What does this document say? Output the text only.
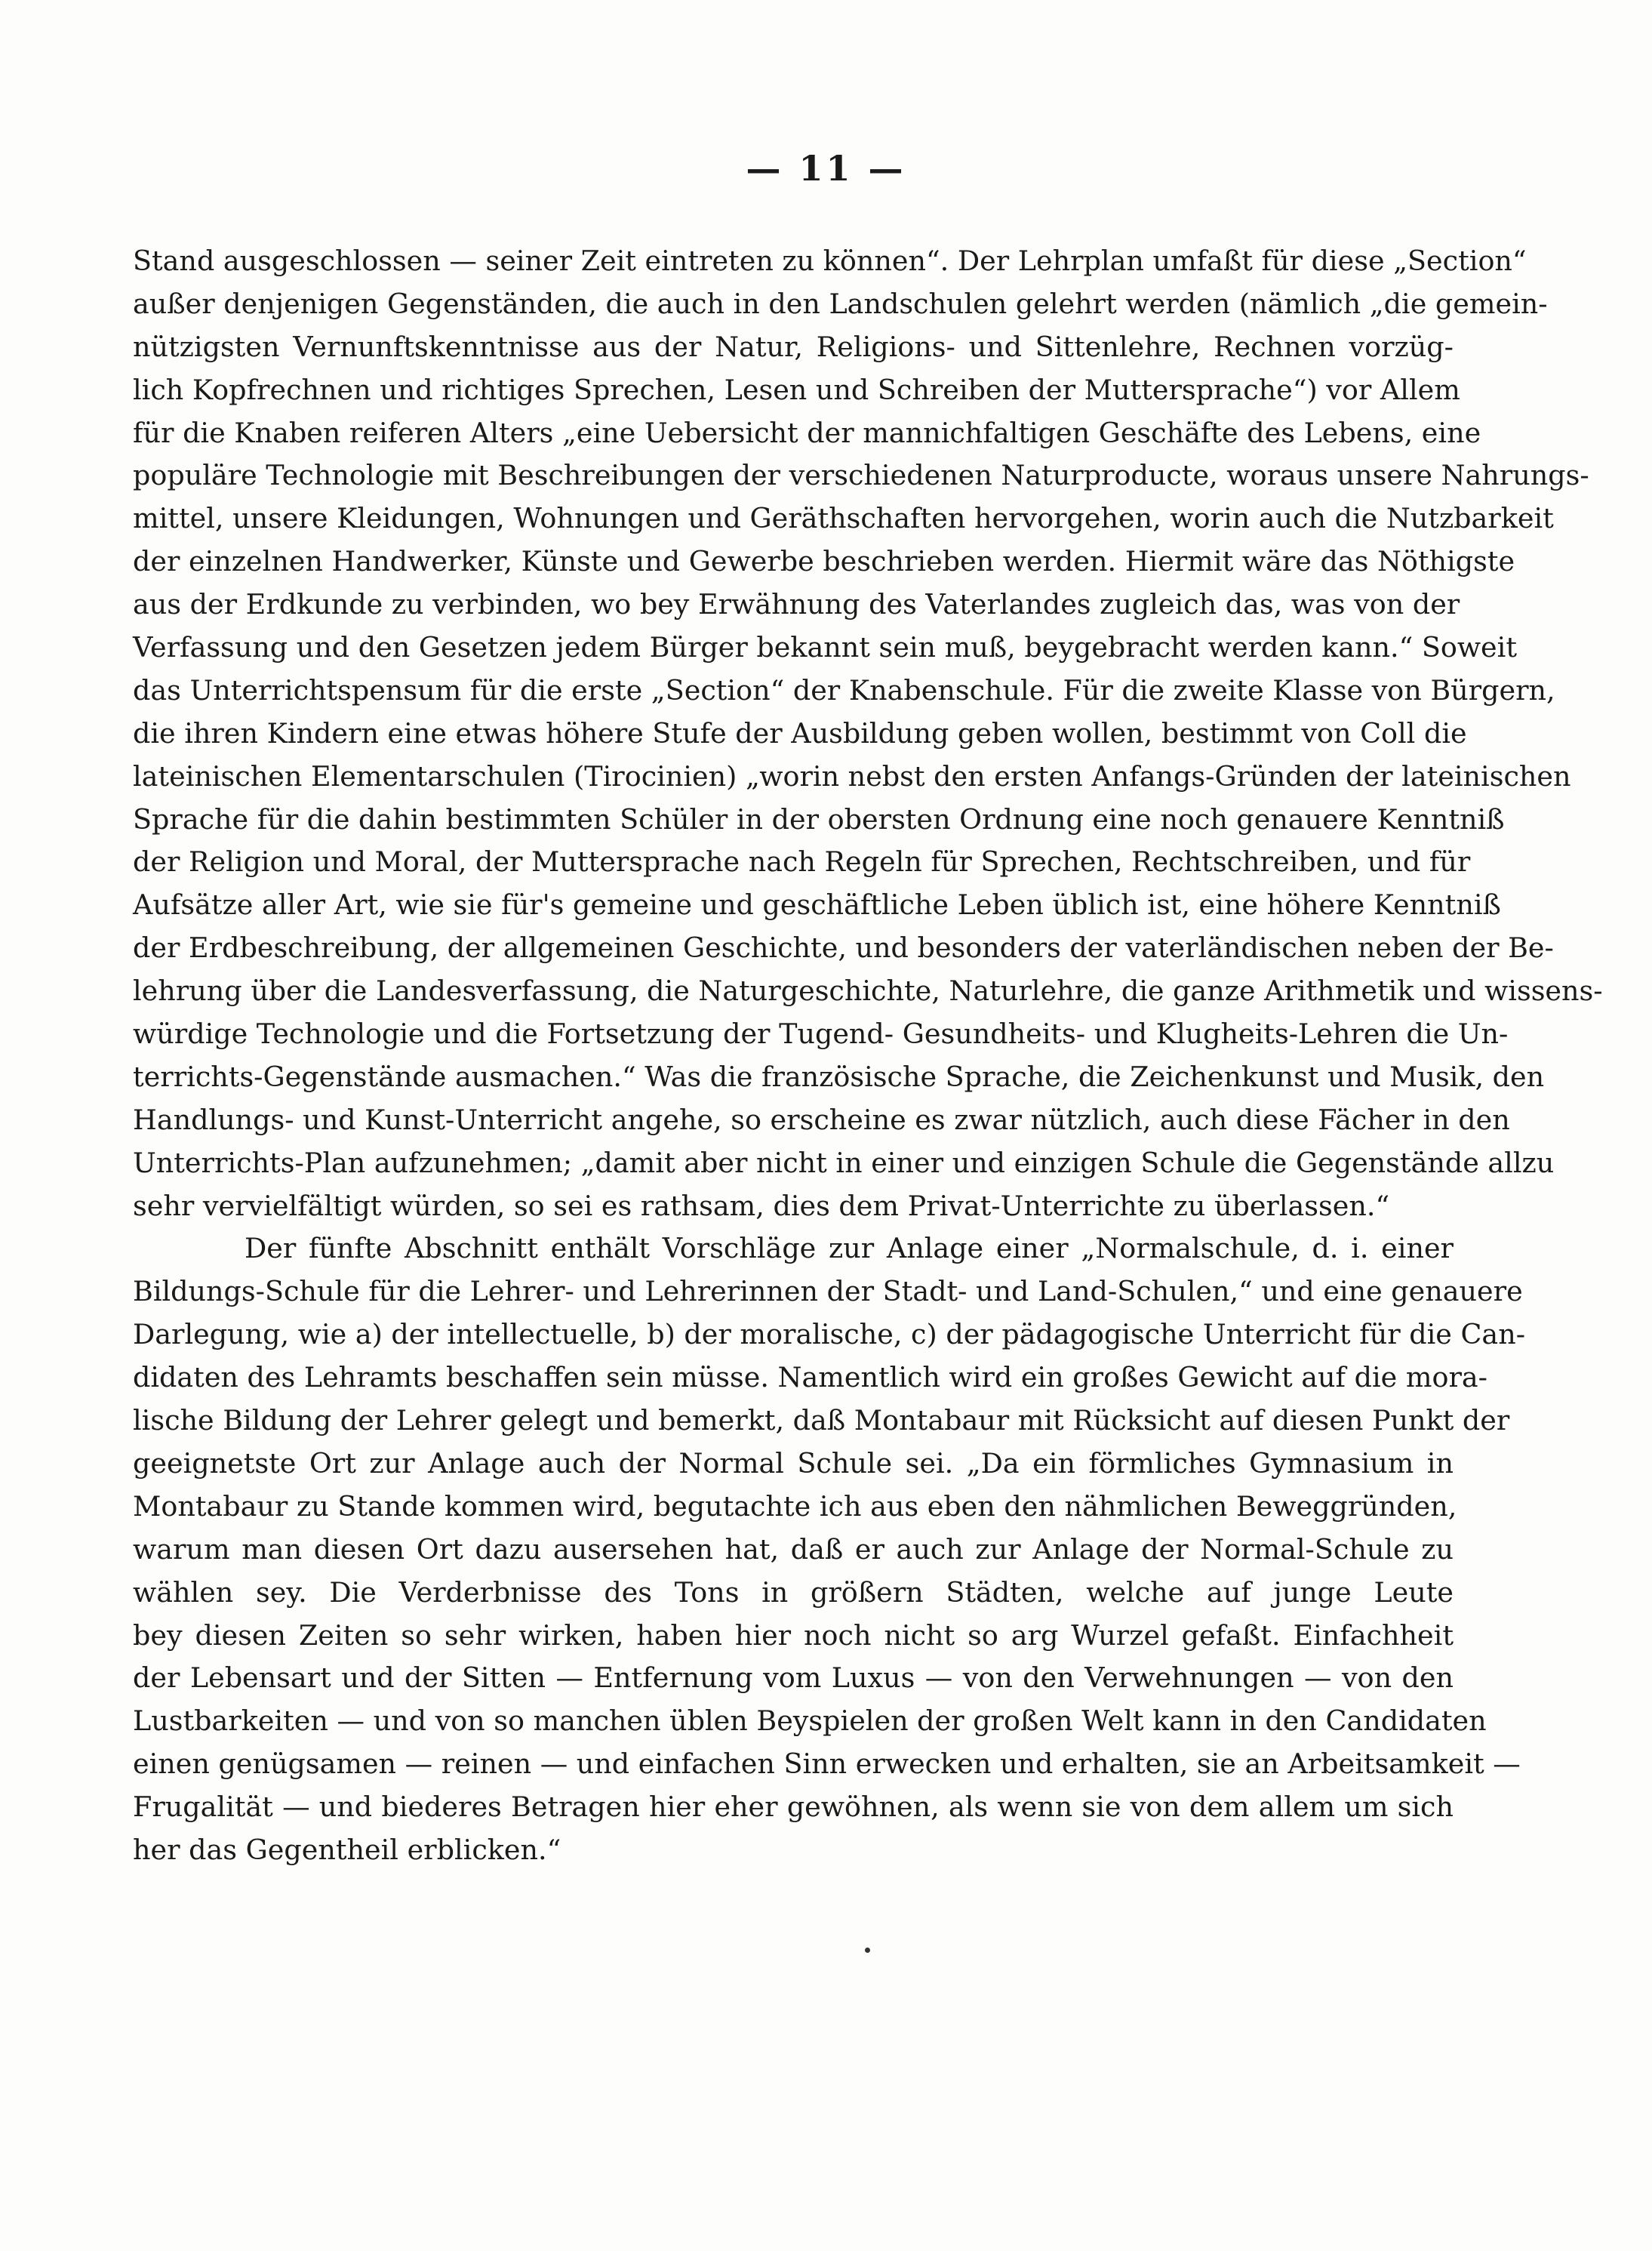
— 11 —
Stand ausgeschlossen — seiner Zeit eintreten zu können“. Der Lehrplan umfaßt für diese „Section“
außer denjenigen Gegenständen, die auch in den Landschulen gelehrt werden (nämlich „die gemein-
nützigsten Vernunftskenntnisse aus der Natur, Religions- und Sittenlehre, Rechnen vorzüg-
lich Kopfrechnen und richtiges Sprechen, Lesen und Schreiben der Muttersprache“) vor Allem
für die Knaben reiferen Alters „eine Uebersicht der mannichfaltigen Geschäfte des Lebens, eine
populäre Technologie mit Beschreibungen der verschiedenen Naturproducte, woraus unsere Nahrungs-
mittel, unsere Kleidungen, Wohnungen und Geräthschaften hervorgehen, worin auch die Nutzbarkeit
der einzelnen Handwerker, Künste und Gewerbe beschrieben werden. Hiermit wäre das Nöthigste
aus der Erdkunde zu verbinden, wo bey Erwähnung des Vaterlandes zugleich das, was von der
Verfassung und den Gesetzen jedem Bürger bekannt sein muß, beygebracht werden kann.“ Soweit
das Unterrichtspensum für die erste „Section“ der Knabenschule. Für die zweite Klasse von Bürgern,
die ihren Kindern eine etwas höhere Stufe der Ausbildung geben wollen, bestimmt von Coll die
lateinischen Elementarschulen (Tirocinien) „worin nebst den ersten Anfangs-Gründen der lateinischen
Sprache für die dahin bestimmten Schüler in der obersten Ordnung eine noch genauere Kenntniß
der Religion und Moral, der Muttersprache nach Regeln für Sprechen, Rechtschreiben, und für
Aufsätze aller Art, wie sie für's gemeine und geschäftliche Leben üblich ist, eine höhere Kenntniß
der Erdbeschreibung, der allgemeinen Geschichte, und besonders der vaterländischen neben der Be-
lehrung über die Landesverfassung, die Naturgeschichte, Naturlehre, die ganze Arithmetik und wissens-
würdige Technologie und die Fortsetzung der Tugend- Gesundheits- und Klugheits-Lehren die Un-
terrichts-Gegenstände ausmachen.“ Was die französische Sprache, die Zeichenkunst und Musik, den
Handlungs- und Kunst-Unterricht angehe, so erscheine es zwar nützlich, auch diese Fächer in den
Unterrichts-Plan aufzunehmen; „damit aber nicht in einer und einzigen Schule die Gegenstände allzu
sehr vervielfältigt würden, so sei es rathsam, dies dem Privat-Unterrichte zu überlassen.“
Der fünfte Abschnitt enthält Vorschläge zur Anlage einer „Normalschule, d. i. einer
Bildungs-Schule für die Lehrer- und Lehrerinnen der Stadt- und Land-Schulen,“ und eine genauere
Darlegung, wie a) der intellectuelle, b) der moralische, c) der pädagogische Unterricht für die Can-
didaten des Lehramts beschaffen sein müsse. Namentlich wird ein großes Gewicht auf die mora-
lische Bildung der Lehrer gelegt und bemerkt, daß Montabaur mit Rücksicht auf diesen Punkt der
geeignetste Ort zur Anlage auch der Normal Schule sei. „Da ein förmliches Gymnasium in
Montabaur zu Stande kommen wird, begutachte ich aus eben den nähmlichen Beweggründen,
warum man diesen Ort dazu ausersehen hat, daß er auch zur Anlage der Normal-Schule zu
wählen sey. Die Verderbnisse des Tons in größern Städten, welche auf junge Leute
bey diesen Zeiten so sehr wirken, haben hier noch nicht so arg Wurzel gefaßt. Einfachheit
der Lebensart und der Sitten — Entfernung vom Luxus — von den Verwehnungen — von den
Lustbarkeiten — und von so manchen üblen Beyspielen der großen Welt kann in den Candidaten
einen genügsamen — reinen — und einfachen Sinn erwecken und erhalten, sie an Arbeitsamkeit —
Frugalität — und biederes Betragen hier eher gewöhnen, als wenn sie von dem allem um sich
her das Gegentheil erblicken.“
